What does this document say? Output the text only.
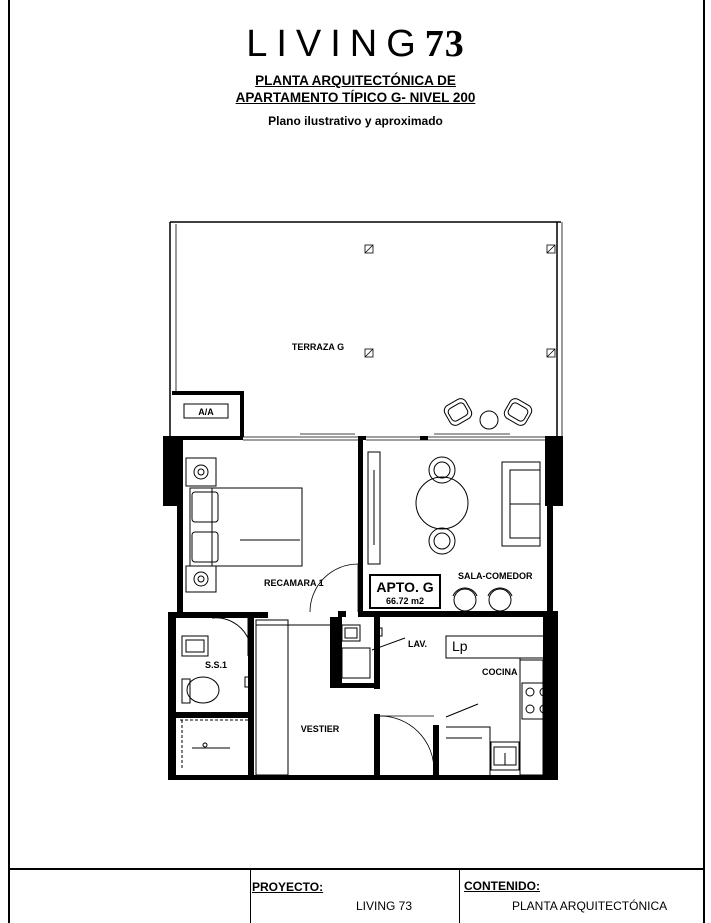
LIVING73
PLANTA ARQUITECTÓNICA DE
APARTAMENTO TÍPICO G- NIVEL 200
Plano ilustrativo y aproximado
TERRAZA G
A/A
SALA-COMEDOR
RECAMARA 1	APTO. G
66.72 m2
LAV. Lp
COCINA
S.S.1
VESTIER
PROYECTO:
LIVING 73
CONTENIDO:
PLANTA ARQUITECTÓNICA
